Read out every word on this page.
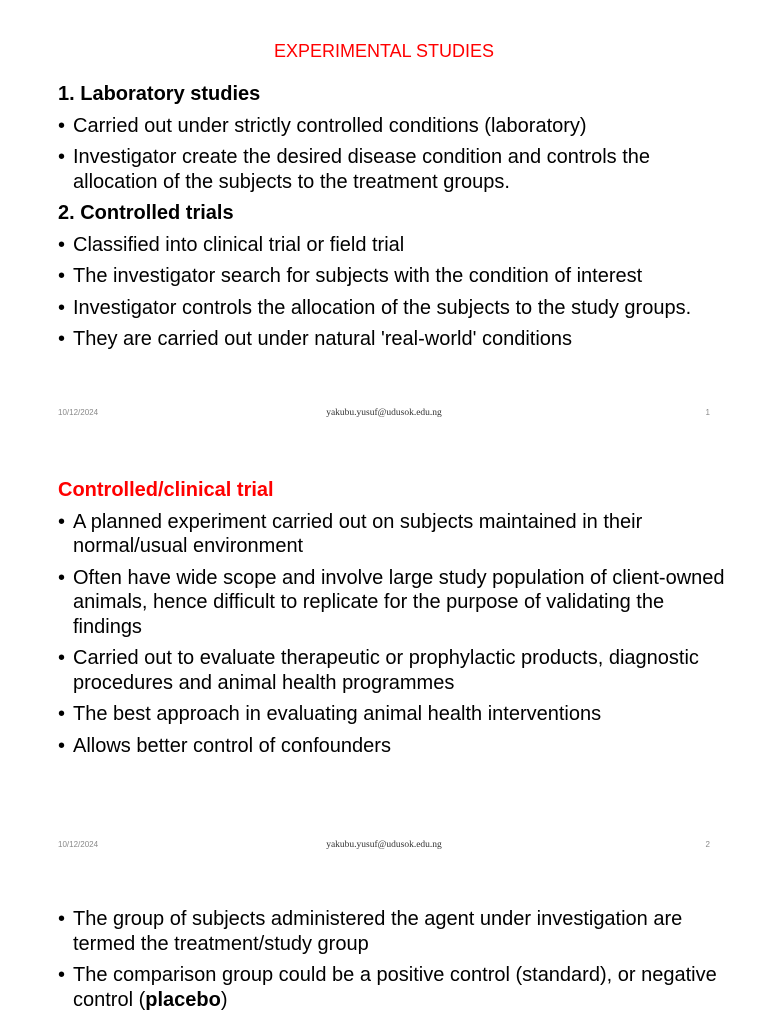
EXPERIMENTAL STUDIES
1. Laboratory studies
• Carried out under strictly controlled conditions (laboratory)
• Investigator create the desired disease condition and controls the allocation of the subjects to the treatment groups.
2. Controlled trials
• Classified into clinical trial or field trial
• The investigator search for subjects with the condition of interest
• Investigator controls the allocation of the subjects to the study groups.
• They are carried out under natural 'real-world' conditions
10/12/2024	yakubu.yusuf@udusok.edu.ng	1
Controlled/clinical trial
• A planned experiment carried out on subjects maintained in their normal/usual environment
• Often have wide scope and involve large study population of client-owned animals, hence difficult to replicate for the purpose of validating the findings
• Carried out to evaluate therapeutic or prophylactic products, diagnostic procedures and animal health programmes
• The best approach in evaluating animal health interventions
• Allows better control of confounders
10/12/2024	yakubu.yusuf@udusok.edu.ng	2
• The group of subjects administered the agent under investigation are termed the treatment/study group
• The comparison group could be a positive control (standard), or negative control (placebo)
